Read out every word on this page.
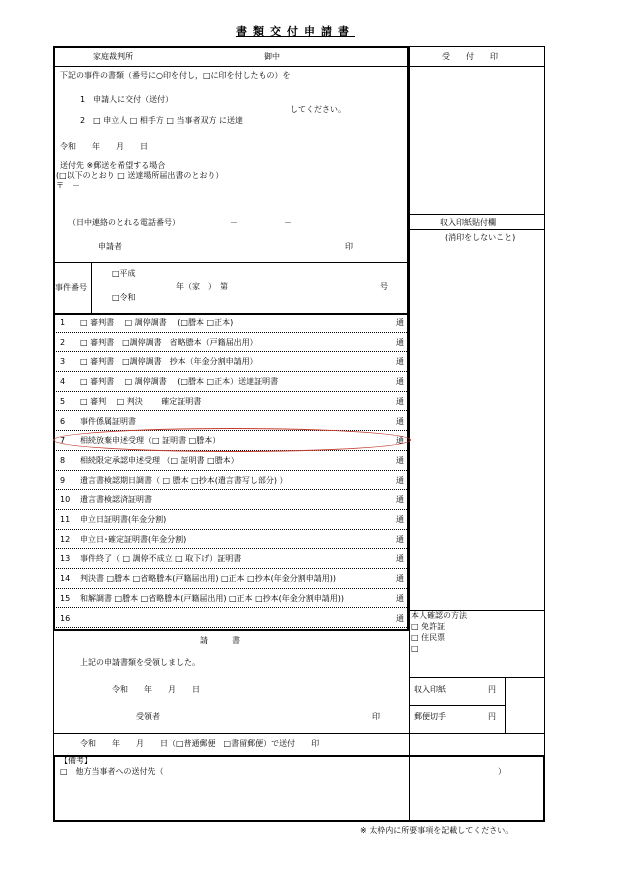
書類交付申請書
家庭裁判所	御中	受　　付　　印
下記の事件の書類（番号に○印を付し，□に印を付したもの）を
1　申請人に交付（送付）
2　□ 申立人 □ 相手方 □ 当事者双方 に送達
してください。
令和　　年　　月　　日
送付先 ※郵送を希望する場合
(□以下のとおり □ 送達場所届出書のとおり）
〒　－
（日中連絡のとれる電話番号）	－	－
申請者	印
収入印紙貼付欄
(消印をしないこと)
事件番号
□平成
□令和
年（家　）　第	号
1 □ 審判書　 □ 調停調書　 (□謄本 □正本)	通
2 □ 審判書　□調停調書　省略謄本（戸籍届出用）	通
3 □ 審判書　□調停調書　抄本（年金分割申請用）	通
4 □ 審判書　 □ 調停調書　 (□謄本 □正本）送達証明書	通
5 □ 審判　 □ 判決　　 確定証明書	通
6 事件係属証明書	通
7 相続放棄申述受理（□ 証明書 □謄本）	通
8 相続限定承認申述受理 （□ 証明書 □謄本）	通
9 遺言書検認期日調書（ □ 謄本 □抄本(遺言書写し部分) ）	通
10 遺言書検認済証明書	通
11 申立日証明書(年金分割)	通
12 申立日･確定証明書(年金分割)	通
13 事件終了（ □ 調停不成立 □ 取下げ）証明書	通
14 判決書 □謄本 □省略謄本(戸籍届出用) □正本 □抄本(年金分割申請用))	通
15 和解調書 □謄本 □省略謄本(戸籍届出用) □正本 □抄本(年金分割申請用))	通
16	通 本人確認の方法
□ 免許証
□ 住民票
□
請　　　書
上記の申請書類を受領しました。
令和　　年　　月　　日
受領者	印
収入印紙	円
郵便切手	円
令和　　年　　月　　日（□普通郵便　□書留郵便）で送付　　印
【備考】
□　他方当事者への送付先（	）
※ 太枠内に所要事項を記載してください。
